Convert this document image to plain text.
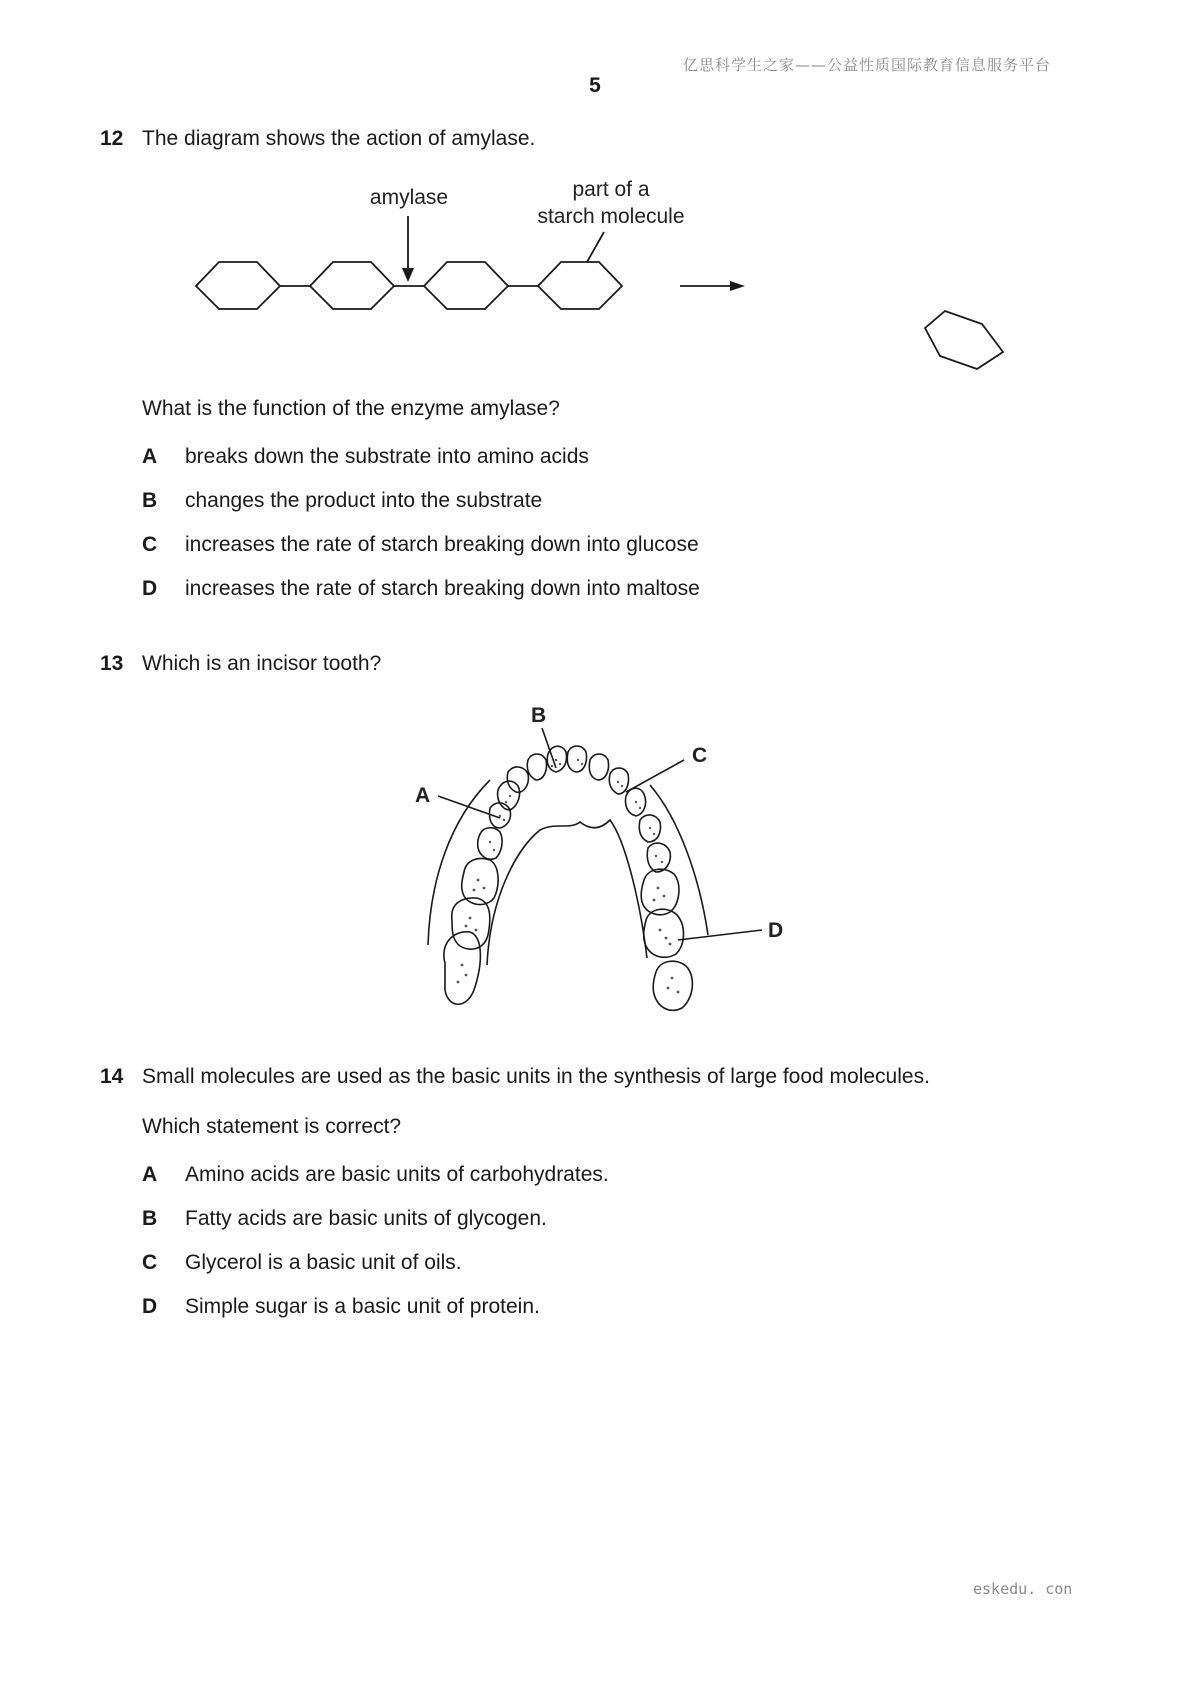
亿思科学生之家——公益性质国际教育信息服务平台
5
12 The diagram shows the action of amylase.
amylase	part of a
starch molecule
What is the function of the enzyme amylase?
A breaks down the substrate into amino acids
B changes the product into the substrate
C increases the rate of starch breaking down into glucose
D increases the rate of starch breaking down into maltose
13 Which is an incisor tooth?
A
B
C
D
14 Small molecules are used as the basic units in the synthesis of large food molecules.
Which statement is correct?
A Amino acids are basic units of carbohydrates.
B Fatty acids are basic units of glycogen.
C Glycerol is a basic unit of oils.
D Simple sugar is a basic unit of protein.
eskedu. con
